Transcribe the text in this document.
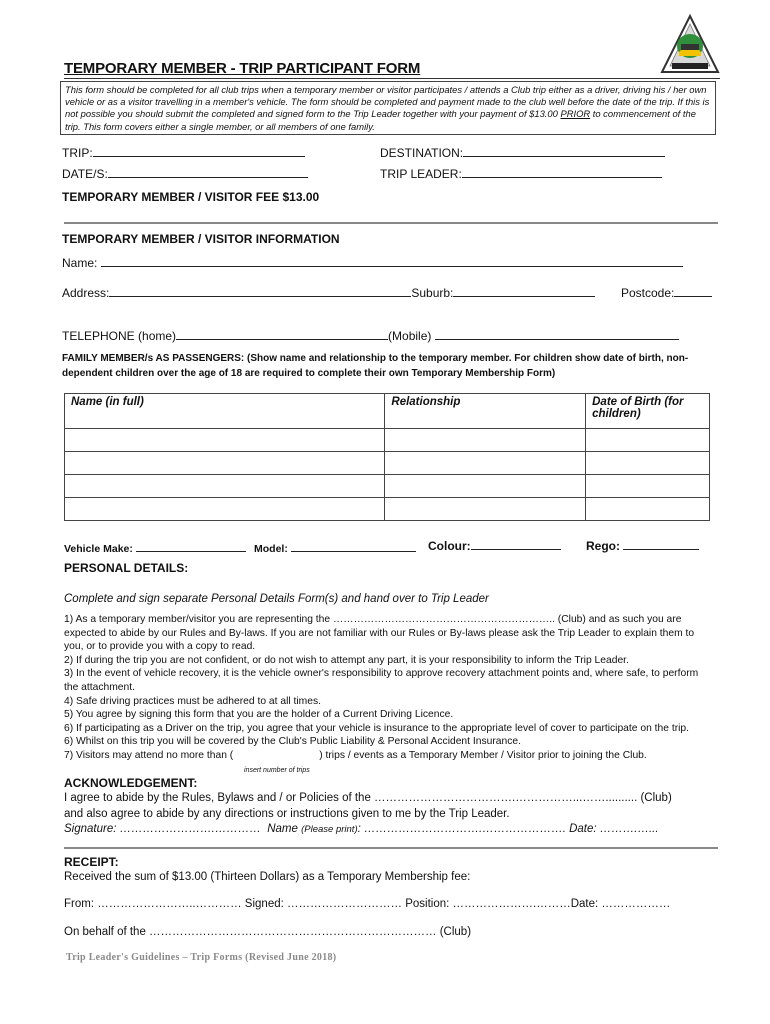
TEMPORARY MEMBER - TRIP PARTICIPANT FORM
This form should be completed for all club trips when a temporary member or visitor participates / attends a Club trip either as a driver, driving his / her own
vehicle or as a visitor travelling in a member's vehicle. The form should be completed and payment made to the club well before the date of the trip. If this is
not possible you should submit the completed and signed form to the Trip Leader together with your payment of $13.00 PRIOR to commencement of the
trip. This form covers either a single member, or all members of one family.
TRIP:	DESTINATION:
DATE/S:	TRIP LEADER:
TEMPORARY MEMBER / VISITOR FEE $13.00
TEMPORARY MEMBER / VISITOR INFORMATION
Name:
Address:	Suburb:	Postcode:
TELEPHONE (home)	(Mobile)
FAMILY MEMBER/s AS PASSENGERS: (Show name and relationship to the temporary member. For children show date of birth, non-
dependent children over the age of 18 are required to complete their own Temporary Membership Form)
Name (in full)	Relationship	Date of Birth (for
children)

Vehicle Make:	Model:	Colour:	Rego:
PERSONAL DETAILS:
Complete and sign separate Personal Details Form(s) and hand over to Trip Leader
1) As a temporary member/visitor you are representing the ……………………………………………………….. (Club) and as such you are
expected to abide by our Rules and By-laws. If you are not familiar with our Rules or By-laws please ask the Trip Leader to explain them to
you, or to provide you with a copy to read.
2) If during the trip you are not confident, or do not wish to attempt any part, it is your responsibility to inform the Trip Leader.
3) In the event of vehicle recovery, it is the vehicle owner's responsibility to approve recovery attachment points and, where safe, to perform
the attachment.
4) Safe driving practices must be adhered to at all times.
5) You agree by signing this form that you are the holder of a Current Driving Licence.
6) If participating as a Driver on the trip, you agree that your vehicle is insurance to the appropriate level of cover to participate on the trip.
6) Whilst on this trip you will be covered by the Club's Public Liability & Personal Accident Insurance.
7) Visitors may attend no more than (	) trips / events as a Temporary Member / Visitor prior to joining the Club.
insert number of trips
ACKNOWLEDGEMENT:
I agree to abide by the Rules, Bylaws and / or Policies of the ……………………………….……………...…….......... (Club)
and also agree to abide by any directions or instructions given to me by the Trip Leader.
Signature: …………………….………… Name (Please print): ………………………….…………………. Date: ……….…...
RECEIPT:
Received the sum of $13.00 (Thirteen Dollars) as a Temporary Membership fee:
From: ……………………..………… Signed: ………………………… Position: ………………….………Date: ………………
On behalf of the ………………………………………………………………… (Club)
Trip Leader's Guidelines – Trip Forms (Revised June 2018)
